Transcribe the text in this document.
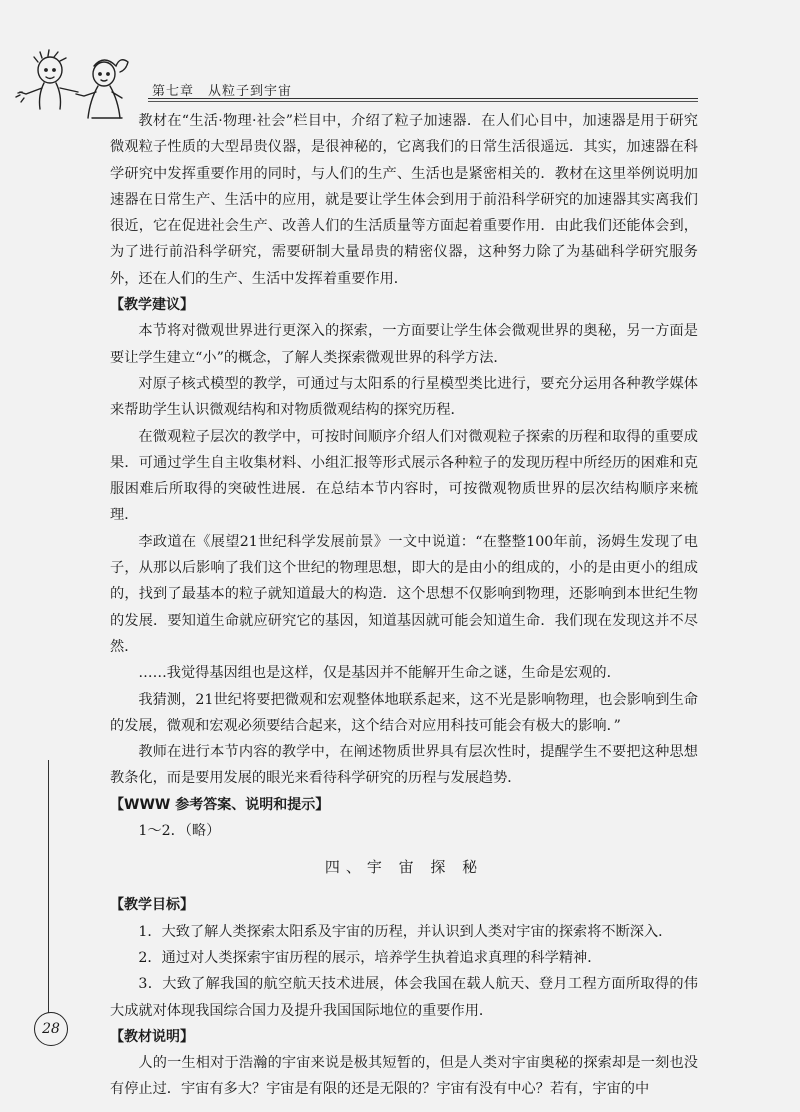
第七章　从粒子到宇宙

教材在“生活·物理·社会”栏目中，介绍了粒子加速器．在人们心目中，加速器是用于研究微观粒子性质的大型昂贵仪器，是很神秘的，它离我们的日常生活很遥远．其实，加速器在科学研究中发挥重要作用的同时，与人们的生产、生活也是紧密相关的．教材在这里举例说明加速器在日常生产、生活中的应用，就是要让学生体会到用于前沿科学研究的加速器其实离我们很近，它在促进社会生产、改善人们的生活质量等方面起着重要作用．由此我们还能体会到，为了进行前沿科学研究，需要研制大量昂贵的精密仪器，这种努力除了为基础科学研究服务外，还在人们的生产、生活中发挥着重要作用．

【教学建议】

本节将对微观世界进行更深入的探索，一方面要让学生体会微观世界的奥秘，另一方面是要让学生建立“小”的概念，了解人类探索微观世界的科学方法．

对原子核式模型的教学，可通过与太阳系的行星模型类比进行，要充分运用各种教学媒体来帮助学生认识微观结构和对物质微观结构的探究历程．

在微观粒子层次的教学中，可按时间顺序介绍人们对微观粒子探索的历程和取得的重要成果．可通过学生自主收集材料、小组汇报等形式展示各种粒子的发现历程中所经历的困难和克服困难后所取得的突破性进展．在总结本节内容时，可按微观物质世界的层次结构顺序来梳理．

李政道在《展望21世纪科学发展前景》一文中说道：“在整整100年前，汤姆生发现了电子，从那以后影响了我们这个世纪的物理思想，即大的是由小的组成的，小的是由更小的组成的，找到了最基本的粒子就知道最大的构造．这个思想不仅影响到物理，还影响到本世纪生物的发展．要知道生命就应研究它的基因，知道基因就可能会知道生命．我们现在发现这并不尽然．

……我觉得基因组也是这样，仅是基因并不能解开生命之谜，生命是宏观的．

我猜测，21世纪将要把微观和宏观整体地联系起来，这不光是影响物理，也会影响到生命的发展，微观和宏观必须要结合起来，这个结合对应用科技可能会有极大的影响．”

教师在进行本节内容的教学中，在阐述物质世界具有层次性时，提醒学生不要把这种思想教条化，而是要用发展的眼光来看待科学研究的历程与发展趋势．

【WWW 参考答案、说明和提示】

1～2．（略）

四、宇 宙 探 秘

【教学目标】

1．大致了解人类探索太阳系及宇宙的历程，并认识到人类对宇宙的探索将不断深入．

2．通过对人类探索宇宙历程的展示，培养学生执着追求真理的科学精神．

3．大致了解我国的航空航天技术进展，体会我国在载人航天、登月工程方面所取得的伟大成就对体现我国综合国力及提升我国国际地位的重要作用．

【教材说明】

人的一生相对于浩瀚的宇宙来说是极其短暂的，但是人类对宇宙奥秘的探索却是一刻也没有停止过．宇宙有多大？宇宙是有限的还是无限的？宇宙有没有中心？若有，宇宙的中

28
